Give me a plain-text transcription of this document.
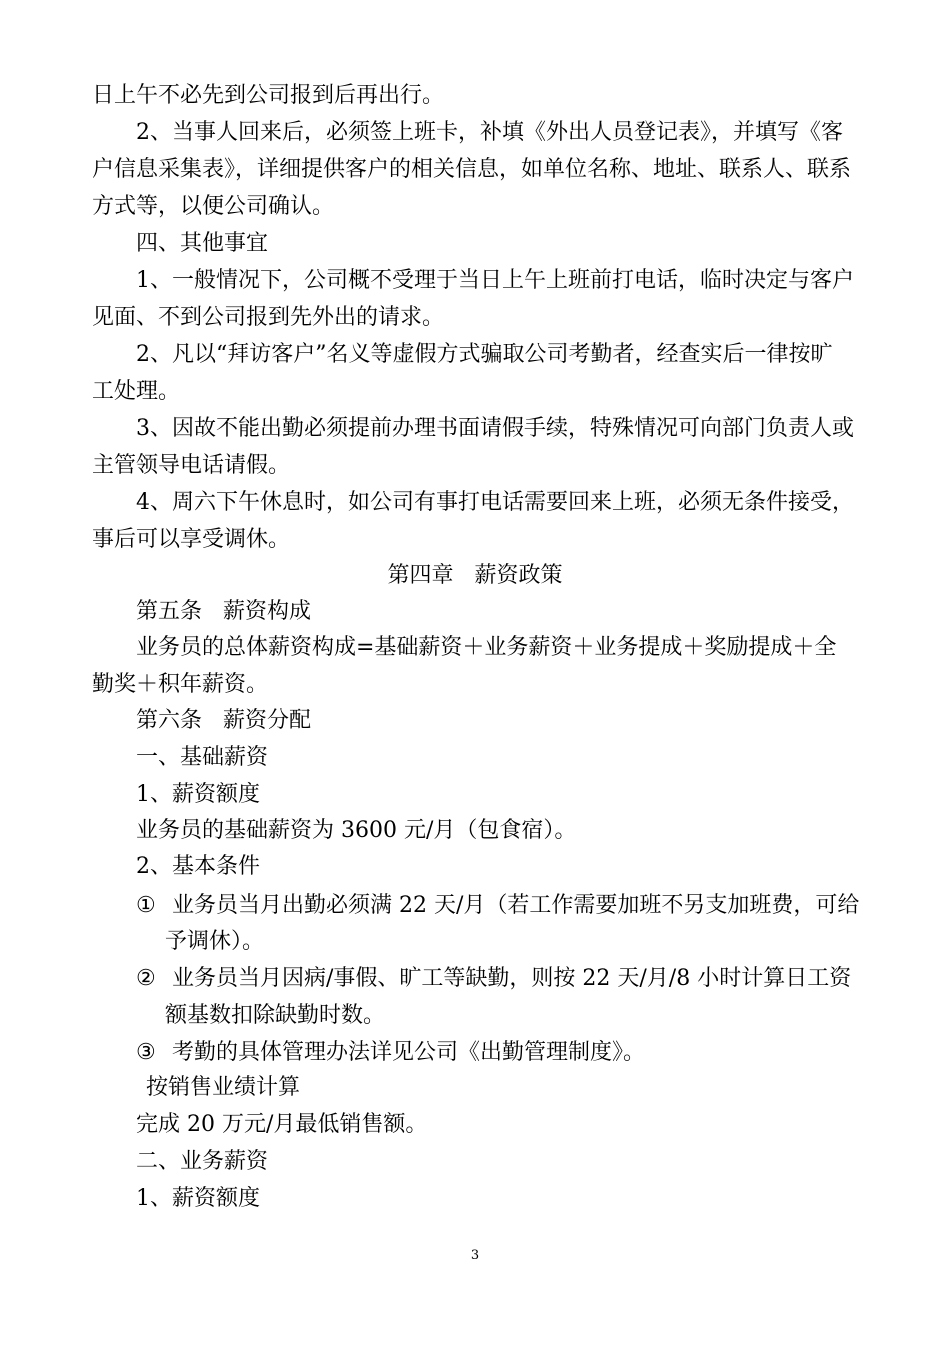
日上午不必先到公司报到后再出行。
2、当事人回来后，必须签上班卡，补填《外出人员登记表》，并填写《客
户信息采集表》，详细提供客户的相关信息，如单位名称、地址、联系人、联系
方式等，以便公司确认。
四、其他事宜
1、一般情况下，公司概不受理于当日上午上班前打电话，临时决定与客户
见面、不到公司报到先外出的请求。
2、凡以“拜访客户”名义等虚假方式骗取公司考勤者，经查实后一律按旷
工处理。
3、因故不能出勤必须提前办理书面请假手续，特殊情况可向部门负责人或
主管领导电话请假。
4、周六下午休息时，如公司有事打电话需要回来上班，必须无条件接受，
事后可以享受调休。
第四章   薪资政策
第五条   薪资构成
业务员的总体薪资构成=基础薪资＋业务薪资＋业务提成＋奖励提成＋全
勤奖＋积年薪资。
第六条   薪资分配
一、基础薪资
1、薪资额度
业务员的基础薪资为 3600 元/月（包食宿）。
2、基本条件
① 业务员当月出勤必须满 22 天/月（若工作需要加班不另支加班费，可给
予调休）。
② 业务员当月因病/事假、旷工等缺勤，则按 22 天/月/8 小时计算日工资
额基数扣除缺勤时数。
③ 考勤的具体管理办法详见公司《出勤管理制度》。
按销售业绩计算
完成 20 万元/月最低销售额。
二、业务薪资
1、薪资额度
3
